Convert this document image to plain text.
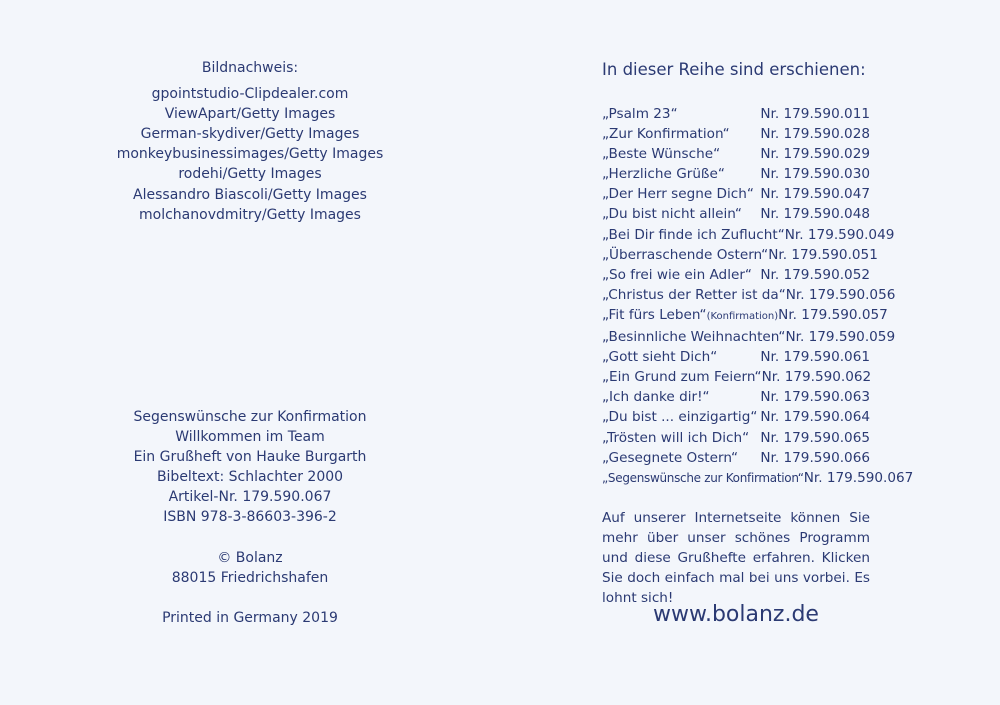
Bildnachweis:
gpointstudio-Clipdealer.com
ViewApart/Getty Images
German-skydiver/Getty Images
monkeybusinessimages/Getty Images
rodehi/Getty Images
Alessandro Biascoli/Getty Images
molchanovdmitry/Getty Images
Segenswünsche zur Konfirmation
Willkommen im Team
Ein Grußheft von Hauke Burgarth
Bibeltext: Schlachter 2000
Artikel-Nr. 179.590.067
ISBN 978-3-86603-396-2
© Bolanz
88015 Friedrichshafen
Printed in Germany 2019
In dieser Reihe sind erschienen:
„Psalm 23“	Nr. 179.590.011
„Zur Konfirmation“ Nr. 179.590.028
„Beste Wünsche“	Nr. 179.590.029
„Herzliche Grüße“	Nr. 179.590.030
„Der Herr segne Dich“ Nr. 179.590.047
„Du bist nicht allein“ Nr. 179.590.048
„Bei Dir finde ich Zuflucht“ Nr. 179.590.049
„Überraschende Ostern“ Nr. 179.590.051
„So frei wie ein Adler“ Nr. 179.590.052
„Christus der Retter ist da“ Nr. 179.590.056
„Fit fürs Leben“(Konfirmation) Nr. 179.590.057
„Besinnliche Weihnachten“ Nr. 179.590.059
„Gott sieht Dich“	Nr. 179.590.061
„Ein Grund zum Feiern“ Nr. 179.590.062
„Ich danke dir!“	Nr. 179.590.063
„Du bist ... einzigartig“ Nr. 179.590.064
„Trösten will ich Dich“ Nr. 179.590.065
„Gesegnete Ostern“ Nr. 179.590.066
„Segenswünsche zur Konfirmation“ Nr. 179.590.067
Auf unserer Internetseite können Sie mehr über unser schönes Programm und diese Grußhefte erfahren. Klicken Sie doch einfach mal bei uns vorbei. Es lohnt sich!
www.bolanz.de
